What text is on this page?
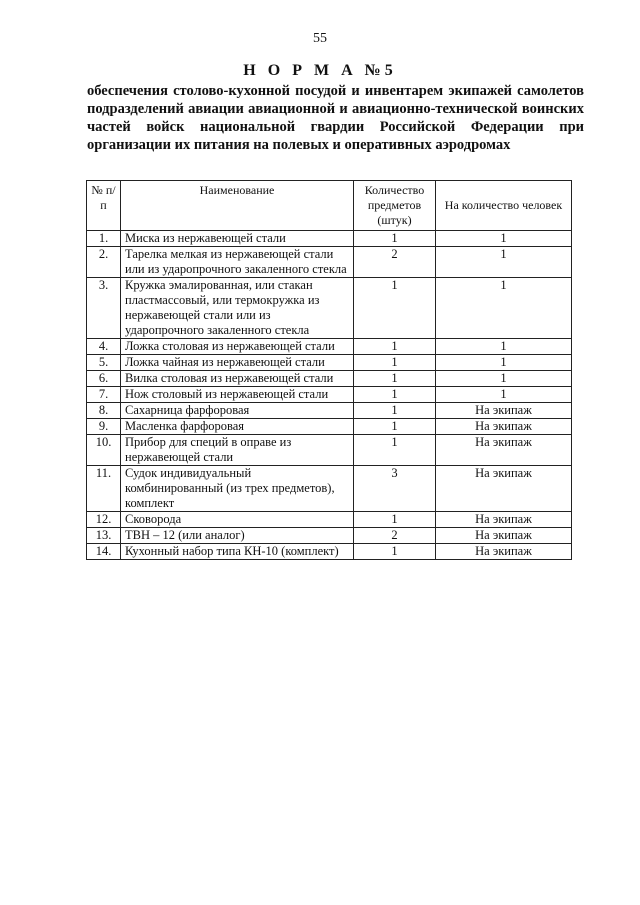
55
Н О Р М А №5
обеспечения столово-кухонной посудой и инвентарем экипажей самолетов подразделений авиации авиационной и авиационно-технической воинских частей войск национальной гвардии Российской Федерации при организации их питания на полевых и оперативных аэродромах
№ п/п	Наименование	Количество предметов (штук)	На количество человек
1.	Миска из нержавеющей стали	1	1
2.	Тарелка мелкая из нержавеющей стали или из ударопрочного закаленного стекла	2	1
3.	Кружка эмалированная, или стакан пластмассовый, или термокружка из нержавеющей стали или из ударопрочного закаленного стекла	1	1
4.	Ложка столовая из нержавеющей стали	1	1
5.	Ложка чайная из нержавеющей стали	1	1
6.	Вилка столовая из нержавеющей стали	1	1
7.	Нож столовый из нержавеющей стали	1	1
8.	Сахарница фарфоровая	1	На экипаж
9.	Масленка фарфоровая	1	На экипаж
10.	Прибор для специй в оправе из нержавеющей стали	1	На экипаж
11.	Судок индивидуальный комбинированный (из трех предметов), комплект	3	На экипаж
12.	Сковорода	1	На экипаж
13.	ТВН – 12 (или аналог)	2	На экипаж
14.	Кухонный набор типа КН-10 (комплект)	1	На экипаж
